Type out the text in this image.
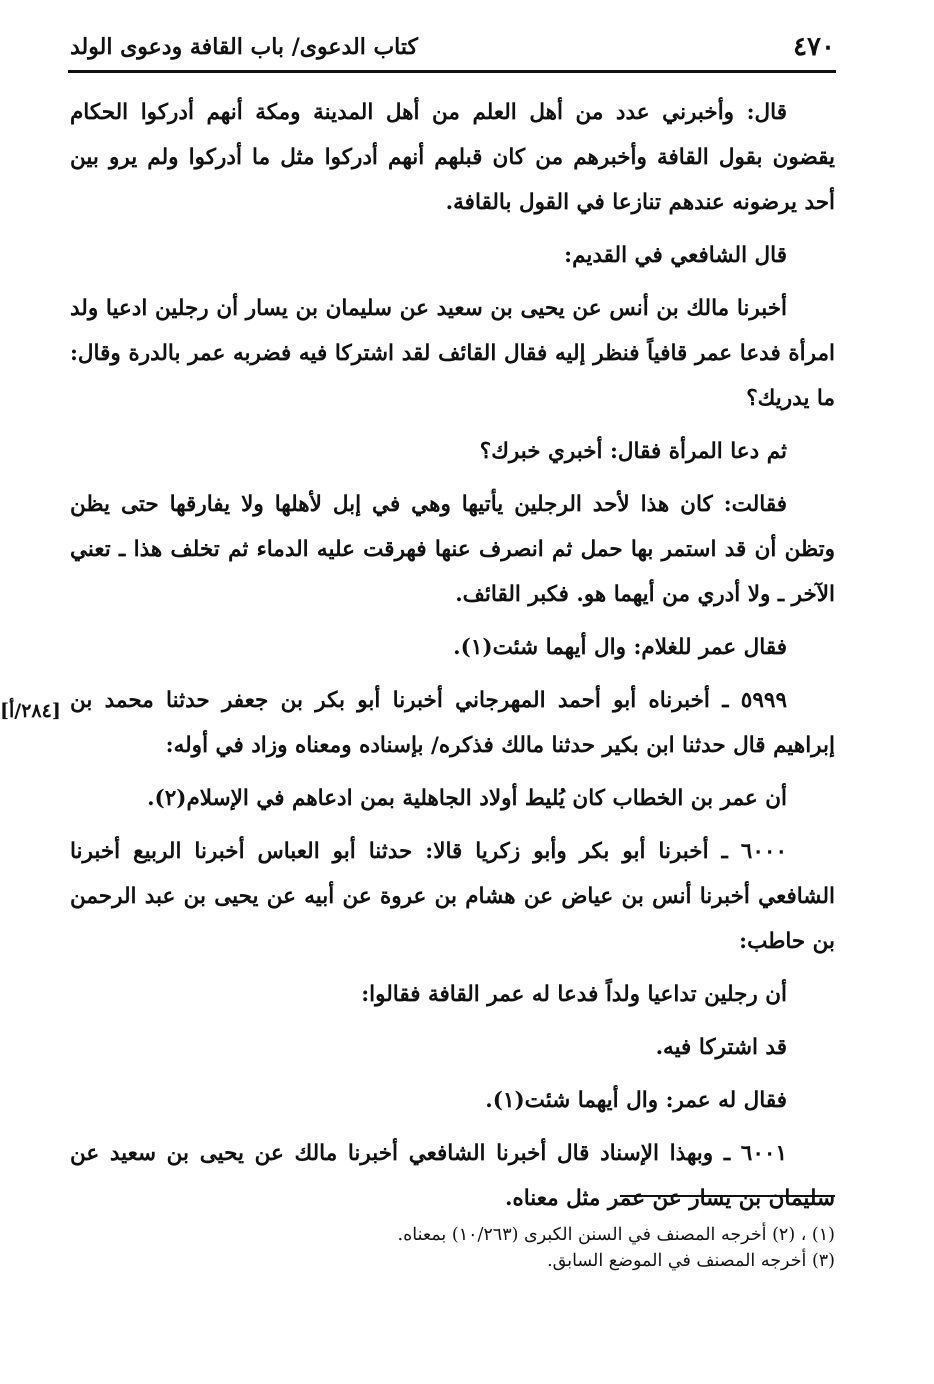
٤٧٠
كتاب الدعوى/ باب القافة ودعوى الولد
[٢٨٤/أ]

قال: وأخبرني عدد من أهل العلم من أهل المدينة ومكة أنهم أدركوا الحكام يقضون بقول القافة وأخبرهم من كان قبلهم أنهم أدركوا مثل ما أدركوا ولم يرو بين أحد يرضونه عندهم تنازعا في القول بالقافة.

قال الشافعي في القديم:

أخبرنا مالك بن أنس عن يحيى بن سعيد عن سليمان بن يسار أن رجلين ادعيا ولد امرأة فدعا عمر قافياً فنظر إليه فقال القائف لقد اشتركا فيه فضربه عمر بالدرة وقال: ما يدريك؟

ثم دعا المرأة فقال: أخبري خبرك؟

فقالت: كان هذا لأحد الرجلين يأتيها وهي في إبل لأهلها ولا يفارقها حتى يظن وتظن أن قد استمر بها حمل ثم انصرف عنها فهرقت عليه الدماء ثم تخلف هذا ـ تعني الآخر ـ ولا أدري من أيهما هو. فكبر القائف.

فقال عمر للغلام: وال أيهما شئت(١).

٥٩٩٩ ـ أخبرناه أبو أحمد المهرجاني أخبرنا أبو بكر بن جعفر حدثنا محمد بن إبراهيم قال حدثنا ابن بكير حدثنا مالك فذكره/ بإسناده ومعناه وزاد في أوله:

أن عمر بن الخطاب كان يُليط أولاد الجاهلية بمن ادعاهم في الإسلام(٢).

٦٠٠٠ ـ أخبرنا أبو بكر وأبو زكريا قالا: حدثنا أبو العباس أخبرنا الربيع أخبرنا الشافعي أخبرنا أنس بن عياض عن هشام بن عروة عن أبيه عن يحيى بن عبد الرحمن بن حاطب:

أن رجلين تداعيا ولداً فدعا له عمر القافة فقالوا:

قد اشتركا فيه.

فقال له عمر: وال أيهما شئت(١).

٦٠٠١ ـ وبهذا الإسناد قال أخبرنا الشافعي أخبرنا مالك عن يحيى بن سعيد عن سليمان بن يسار عن عمر مثل معناه.

(١) ، (٢) أخرجه المصنف في السنن الكبرى (١٠/٢٦٣) بمعناه.

(٣) أخرجه المصنف في الموضع السابق.
